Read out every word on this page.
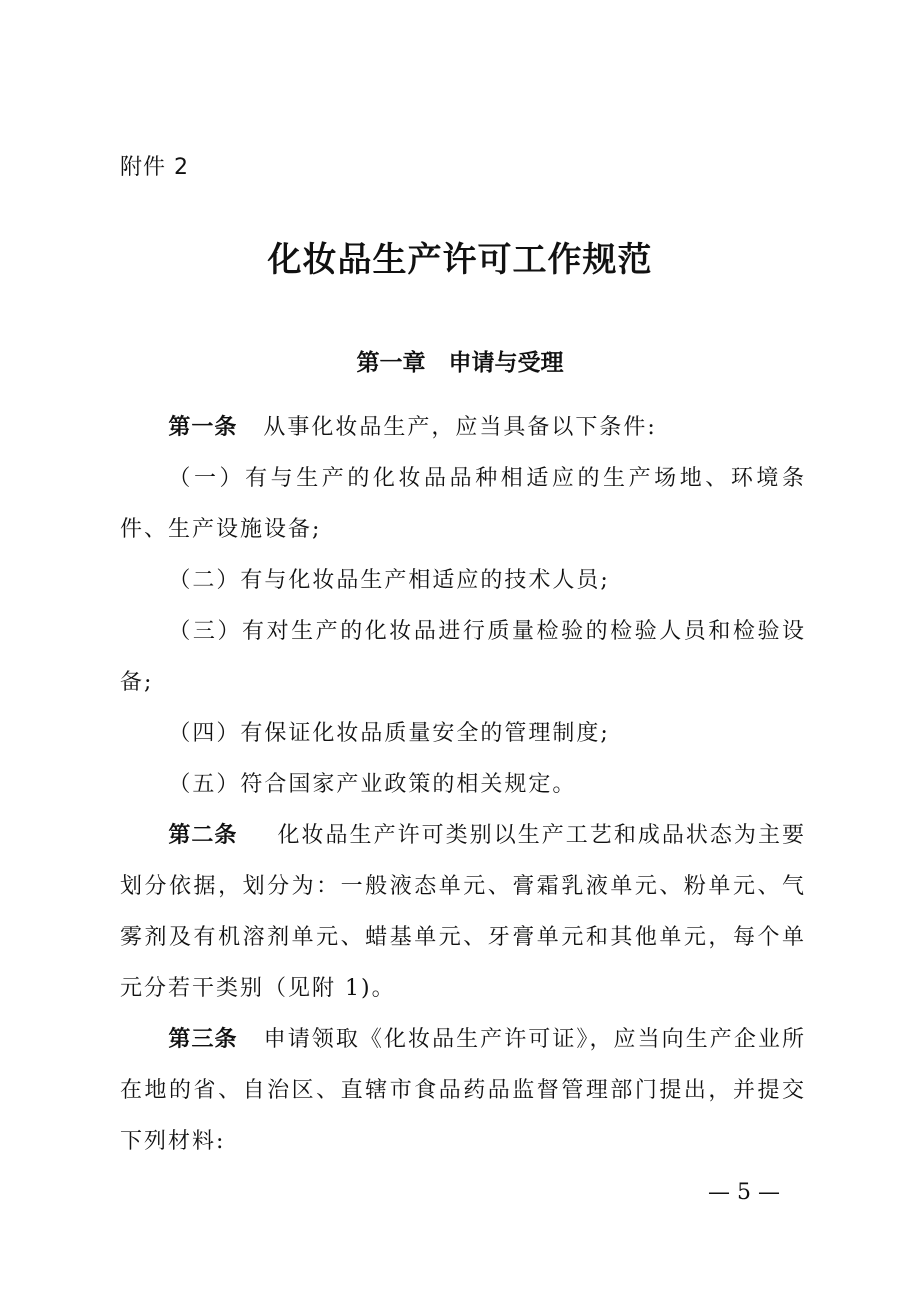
附件 2
化妆品生产许可工作规范
第一章　申请与受理

第一条 从事化妆品生产，应当具备以下条件:

（一）有与生产的化妆品品种相适应的生产场地、环境条件、生产设施设备;

（二）有与化妆品生产相适应的技术人员;

（三）有对生产的化妆品进行质量检验的检验人员和检验设备;

（四）有保证化妆品质量安全的管理制度;

（五）符合国家产业政策的相关规定。

第二条 化妆品生产许可类别以生产工艺和成品状态为主要划分依据，划分为：一般液态单元、膏霜乳液单元、粉单元、气雾剂及有机溶剂单元、蜡基单元、牙膏单元和其他单元，每个单元分若干类别（见附 1)。

第三条 申请领取《化妆品生产许可证》，应当向生产企业所在地的省、自治区、直辖市食品药品监督管理部门提出，并提交下列材料:

— 5 —
